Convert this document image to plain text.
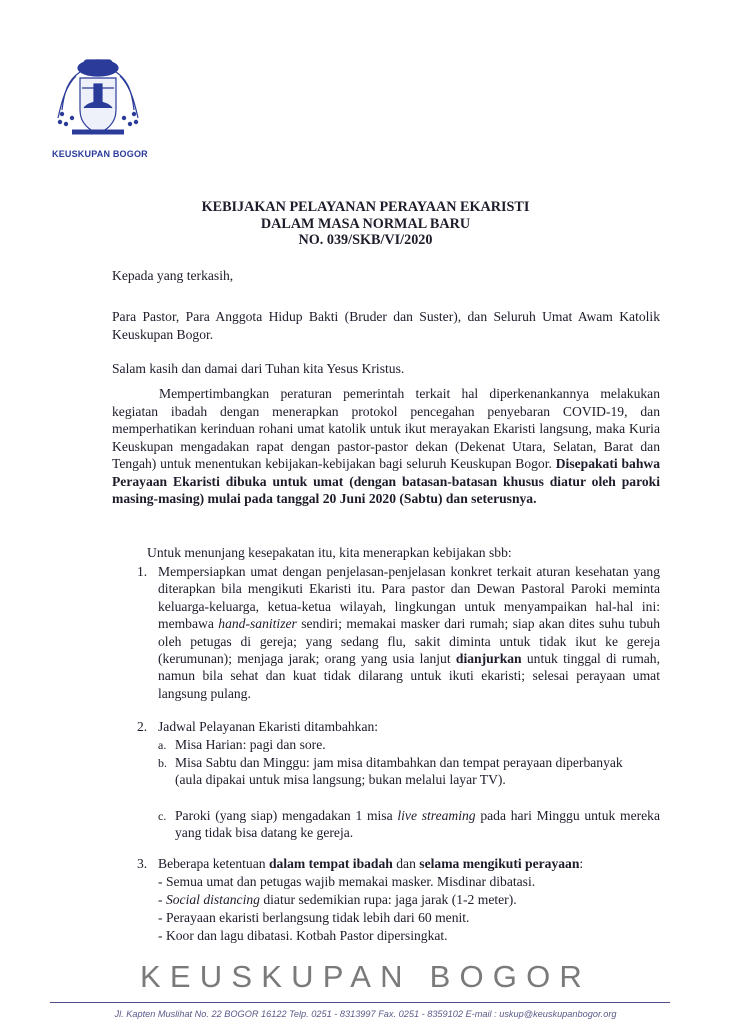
KEUSKUPAN BOGOR
KEBIJAKAN PELAYANAN PERAYAAN EKARISTI
DALAM MASA NORMAL BARU
NO. 039/SKB/VI/2020
Kepada yang terkasih,
Para Pastor, Para Anggota Hidup Bakti (Bruder dan Suster), dan Seluruh Umat Awam Katolik Keuskupan Bogor.
Salam kasih dan damai dari Tuhan kita Yesus Kristus.
Mempertimbangkan peraturan pemerintah terkait hal diperkenankannya melakukan kegiatan ibadah dengan menerapkan protokol pencegahan penyebaran COVID-19, dan memperhatikan kerinduan rohani umat katolik untuk ikut merayakan Ekaristi langsung, maka Kuria Keuskupan mengadakan rapat dengan pastor-pastor dekan (Dekenat Utara, Selatan, Barat dan Tengah) untuk menentukan kebijakan-kebijakan bagi seluruh Keuskupan Bogor. Disepakati bahwa Perayaan Ekaristi dibuka untuk umat (dengan batasan-batasan khusus diatur oleh paroki masing-masing) mulai pada tanggal 20 Juni 2020 (Sabtu) dan seterusnya.
Untuk menunjang kesepakatan itu, kita menerapkan kebijakan sbb:
1. Mempersiapkan umat dengan penjelasan-penjelasan konkret terkait aturan kesehatan yang diterapkan bila mengikuti Ekaristi itu. Para pastor dan Dewan Pastoral Paroki meminta keluarga-keluarga, ketua-ketua wilayah, lingkungan untuk menyampaikan hal-hal ini: membawa hand-sanitizer sendiri; memakai masker dari rumah; siap akan dites suhu tubuh oleh petugas di gereja; yang sedang flu, sakit diminta untuk tidak ikut ke gereja (kerumunan); menjaga jarak; orang yang usia lanjut dianjurkan untuk tinggal di rumah, namun bila sehat dan kuat tidak dilarang untuk ikuti ekaristi; selesai perayaan umat langsung pulang.
2. Jadwal Pelayanan Ekaristi ditambahkan:
a. Misa Harian: pagi dan sore.
b. Misa Sabtu dan Minggu: jam misa ditambahkan dan tempat perayaan diperbanyak
(aula dipakai untuk misa langsung; bukan melalui layar TV).
c. Paroki (yang siap) mengadakan 1 misa live streaming pada hari Minggu untuk mereka yang tidak bisa datang ke gereja.
3. Beberapa ketentuan dalam tempat ibadah dan selama mengikuti perayaan:
- Semua umat dan petugas wajib memakai masker. Misdinar dibatasi.
- Social distancing diatur sedemikian rupa: jaga jarak (1-2 meter).
- Perayaan ekaristi berlangsung tidak lebih dari 60 menit.
- Koor dan lagu dibatasi. Kotbah Pastor dipersingkat.
KEUSKUPAN BOGOR
Jl. Kapten Muslihat No. 22 BOGOR 16122 Telp. 0251 - 8313997 Fax. 0251 - 8359102 E-mail : uskup@keuskupanbogor.org
